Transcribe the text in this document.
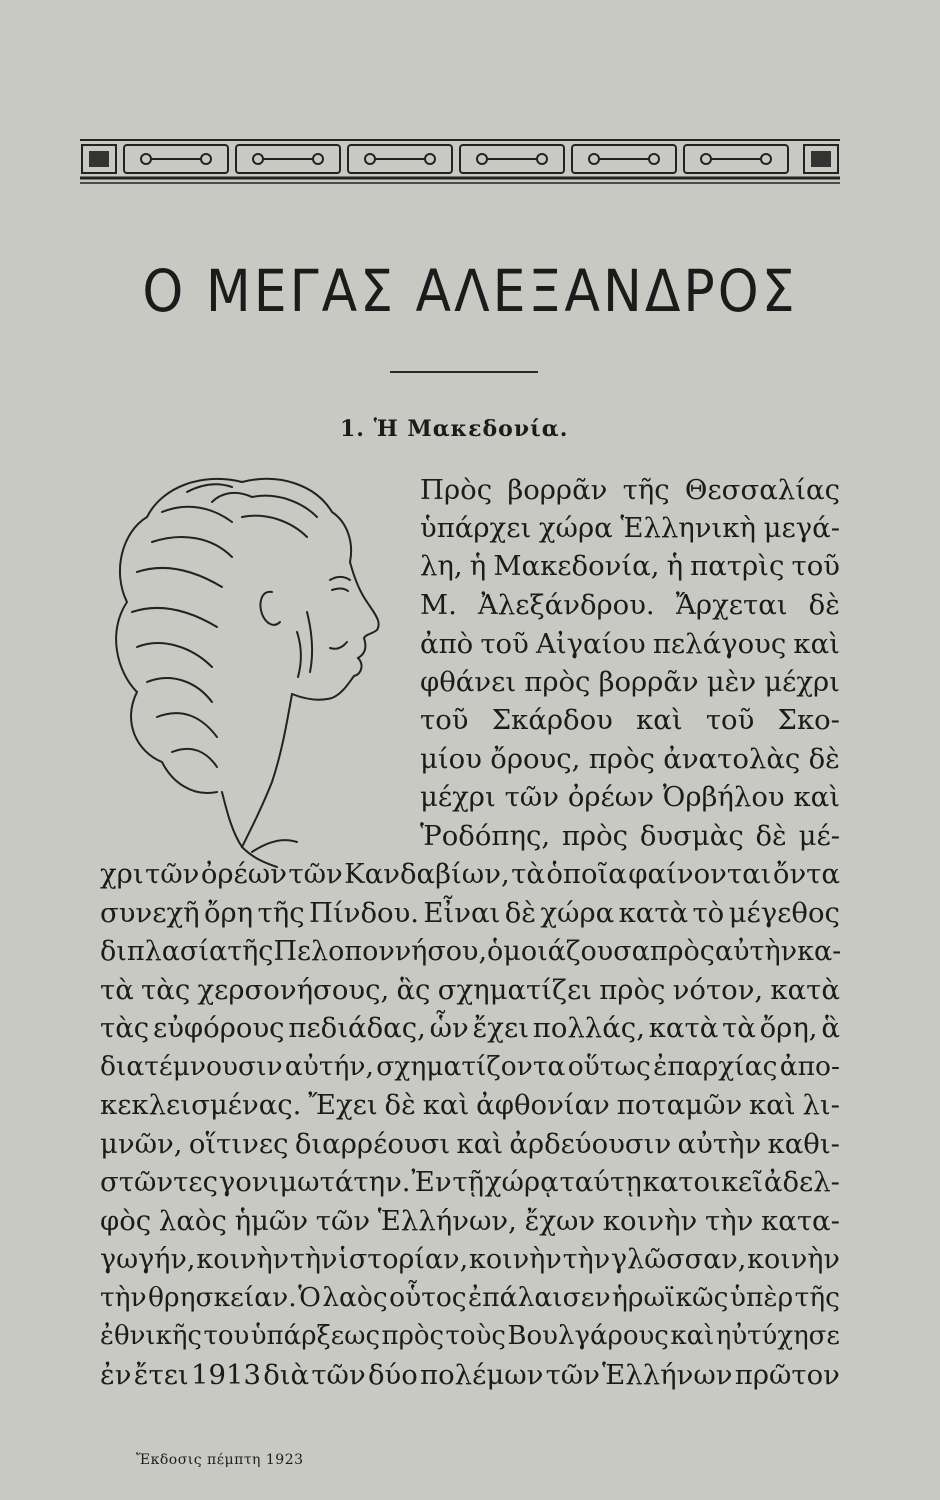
Ο ΜΕΓΑΣ ΑΛΕΞΑΝΔΡΟΣ
1. Ἡ Μακεδονία.
Πρὸς βορρᾶν τῆς Θεσσαλίας
ὑπάρχει χώρα Ἑλληνικὴ μεγά-
λη, ἡ Μακεδονία, ἡ πατρὶς τοῦ
Μ. Ἀλεξάνδρου. Ἄρχεται δὲ
ἀπὸ τοῦ Αἰγαίου πελάγους καὶ
φθάνει πρὸς βορρᾶν μὲν μέχρι
τοῦ Σκάρδου καὶ τοῦ Σκο-
μίου ὄρους, πρὸς ἀνατολὰς δὲ
μέχρι τῶν ὀρέων Ὀρβήλου καὶ
Ῥοδόπης, πρὸς δυσμὰς δὲ μέ-
χρι τῶν ὀρέων τῶν Κανδαβίων, τὰ ὁποῖα φαίνονται ὄντα
συνεχῆ ὄρη τῆς Πίνδου. Εἶναι δὲ χώρα κατὰ τὸ μέγεθος
διπλασία τῆς Πελοποννήσου, ὁμοιάζουσα πρὸς αὐτὴν κα-
τὰ τὰς χερσονήσους, ἃς σχηματίζει πρὸς νότον, κατὰ
τὰς εὐφόρους πεδιάδας, ὧν ἔχει πολλάς, κατὰ τὰ ὄρη, ἃ
διατέμνουσιν αὐτήν, σχηματίζοντα οὕτως ἐπαρχίας ἀπο-
κεκλεισμένας. Ἔχει δὲ καὶ ἀφθονίαν ποταμῶν καὶ λι-
μνῶν, οἵτινες διαρρέουσι καὶ ἀρδεύουσιν αὐτὴν καθι-
στῶντες γονιμωτάτην. Ἐν τῇ χώρᾳ ταύτῃ κατοικεῖ ἀδελ-
φὸς λαὸς ἡμῶν τῶν Ἑλλήνων, ἔχων κοινὴν τὴν κατα-
γωγήν, κοινὴν τὴν ἱστορίαν, κοινὴν τὴν γλῶσσαν, κοινὴν
τὴν θρησκείαν. Ὁ λαὸς οὗτος ἐπάλαισεν ἡρωϊκῶς ὑπὲρ τῆς
ἐθνικῆς του ὑπάρξεως πρὸς τοὺς Βουλγάρους καὶ ηὐτύχησε
ἐν ἔτει 1913 διὰ τῶν δύο πολέμων τῶν Ἑλλήνων πρῶτον
Ἔκδοσις πέμπτη 1923
